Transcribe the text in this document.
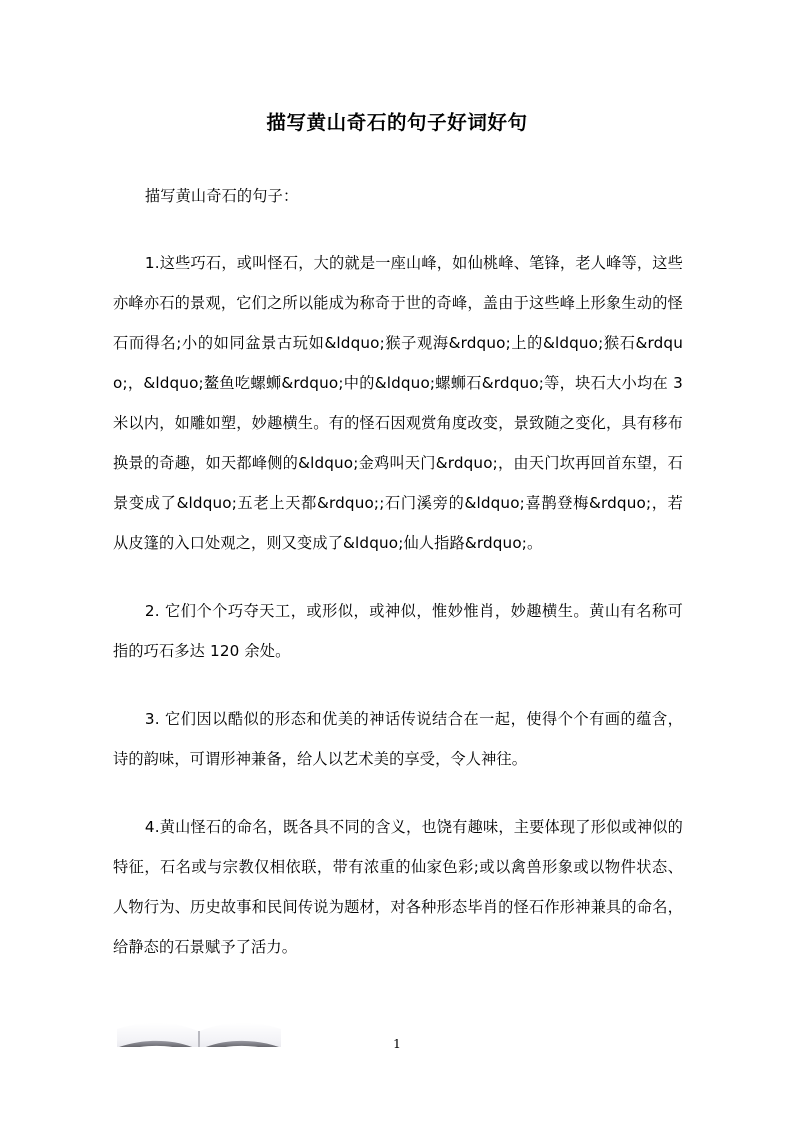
描写黄山奇石的句子好词好句

描写黄山奇石的句子：

1.这些巧石，或叫怪石，大的就是一座山峰，如仙桃峰、笔锋，老人峰等，这些亦峰亦石的景观，它们之所以能成为称奇于世的奇峰，盖由于这些峰上形象生动的怪石而得名;小的如同盆景古玩如&ldquo;猴子观海&rdquo;上的&ldquo;猴石&rdquo;，&ldquo;鳌鱼吃螺蛳&rdquo;中的&ldquo;螺蛳石&rdquo;等，块石大小均在 3 米以内，如雕如塑，妙趣横生。有的怪石因观赏角度改变，景致随之变化，具有移布换景的奇趣，如天都峰侧的&ldquo;金鸡叫天门&rdquo;，由天门坎再回首东望，石景变成了&ldquo;五老上天都&rdquo;;石门溪旁的&ldquo;喜鹊登梅&rdquo;，若从皮篷的入口处观之，则又变成了&ldquo;仙人指路&rdquo;。

2. 它们个个巧夺天工，或形似，或神似，惟妙惟肖，妙趣横生。黄山有名称可指的巧石多达 120 余处。

3. 它们因以酷似的形态和优美的神话传说结合在一起，使得个个有画的蕴含，诗的韵味，可谓形神兼备，给人以艺术美的享受，令人神往。

4.黄山怪石的命名，既各具不同的含义，也饶有趣味，主要体现了形似或神似的特征，石名或与宗教仅相依联，带有浓重的仙家色彩;或以禽兽形象或以物件状态、人物行为、历史故事和民间传说为题材，对各种形态毕肖的怪石作形神兼具的命名，给静态的石景赋予了活力。

1
